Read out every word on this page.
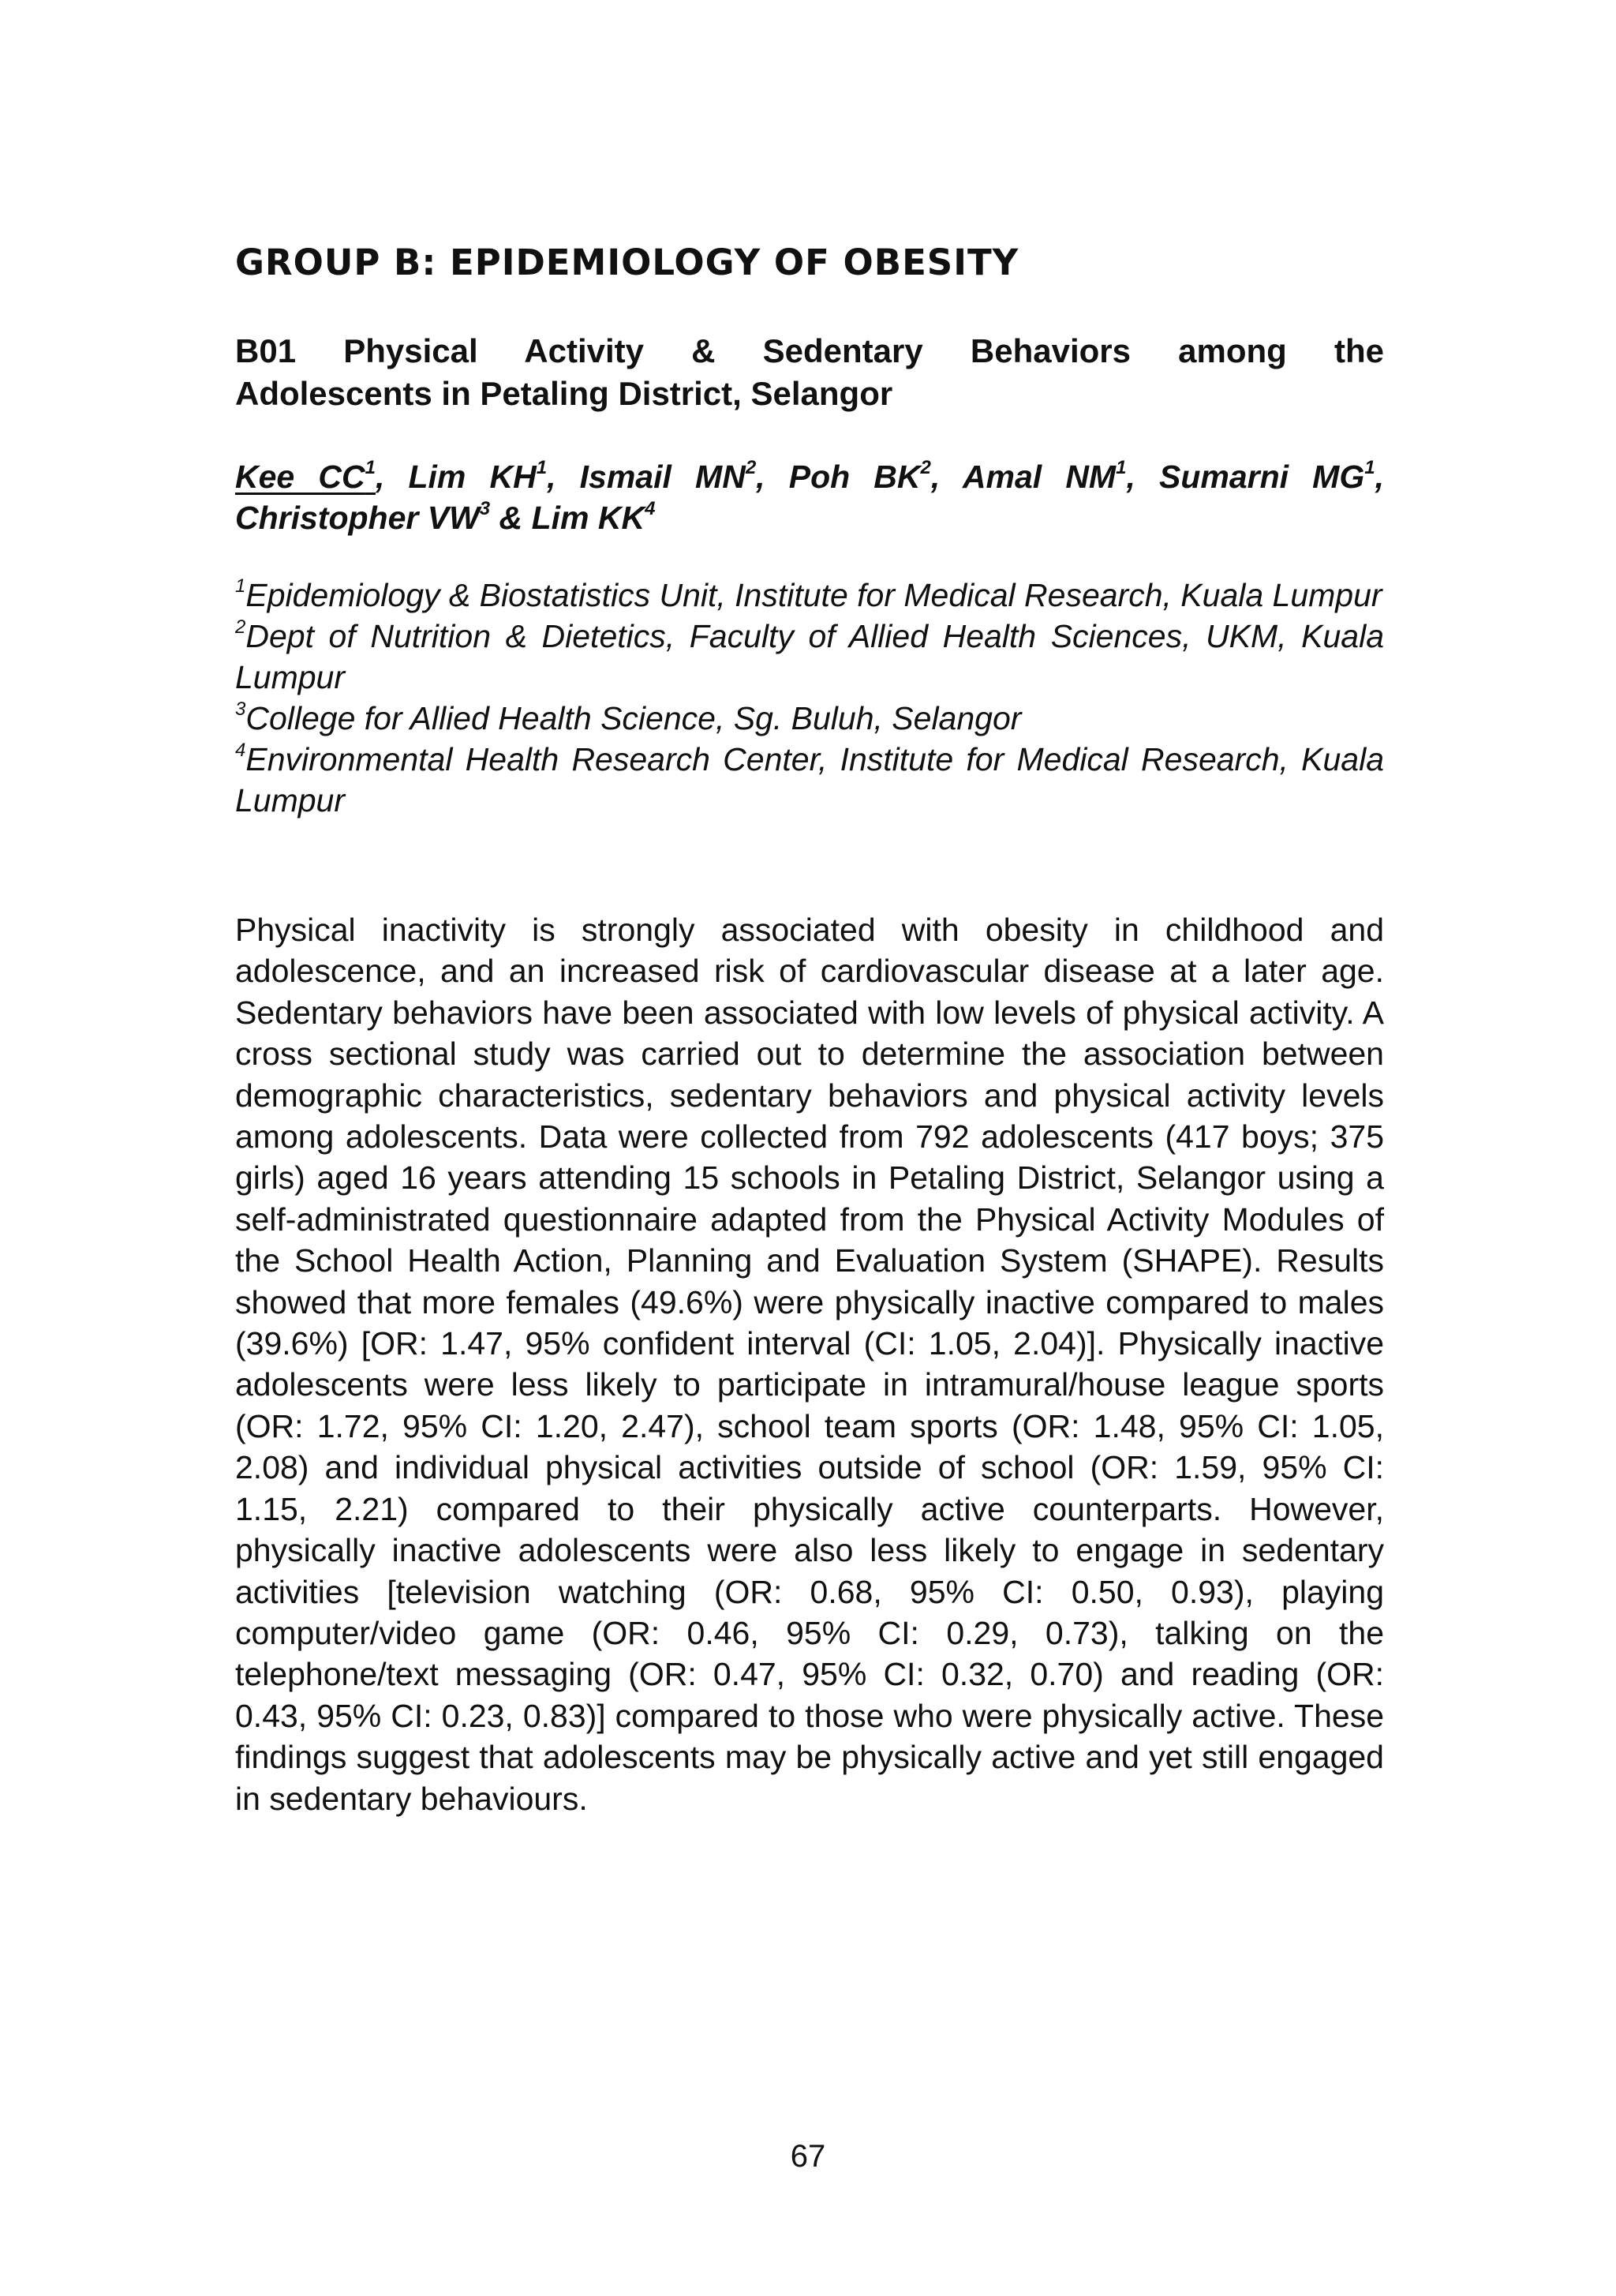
GROUP B: EPIDEMIOLOGY OF OBESITY
B01 Physical Activity & Sedentary Behaviors among the
Adolescents in Petaling District, Selangor

Kee $CC^1$, Lim $KH^1$, Ismail $MN^2$, Poh $BK^2$, Amal $NM^1$, Sumarni $MG^1$,
Christopher $VW^3$ & Lim $KK^4$

$^1$Epidemiology & Biostatistics Unit, Institute for Medical Research, Kuala Lumpur
$^2$Dept of Nutrition & Dietetics, Faculty of Allied Health Sciences, UKM, Kuala Lumpur
$^3$College for Allied Health Science, Sg. Buluh, Selangor
$^4$Environmental Health Research Center, Institute for Medical Research, Kuala Lumpur

Physical inactivity is strongly associated with obesity in childhood and adolescence, and an increased risk of cardiovascular disease at a later age. Sedentary behaviors have been associated with low levels of physical activity. A cross sectional study was carried out to determine the association between demographic characteristics, sedentary behaviors and physical activity levels among adolescents. Data were collected from 792 adolescents (417 boys; 375 girls) aged 16 years attending 15 schools in Petaling District, Selangor using a self-administrated questionnaire adapted from the Physical Activity Modules of the School Health Action, Planning and Evaluation System (SHAPE). Results showed that more females (49.6%) were physically inactive compared to males (39.6%) [OR: 1.47, 95% confident interval (CI: 1.05, 2.04)]. Physically inactive adolescents were less likely to participate in intramural/house league sports (OR: 1.72, 95% CI: 1.20, 2.47), school team sports (OR: 1.48, 95% CI: 1.05, 2.08) and individual physical activities outside of school (OR: 1.59, 95% CI: 1.15, 2.21) compared to their physically active counterparts. However, physically inactive adolescents were also less likely to engage in sedentary activities [television watching (OR: 0.68, 95% CI: 0.50, 0.93), playing computer/video game (OR: 0.46, 95% CI: 0.29, 0.73), talking on the telephone/text messaging (OR: 0.47, 95% CI: 0.32, 0.70) and reading (OR: 0.43, 95% CI: 0.23, 0.83)] compared to those who were physically active. These findings suggest that adolescents may be physically active and yet still engaged in sedentary behaviours.

67
